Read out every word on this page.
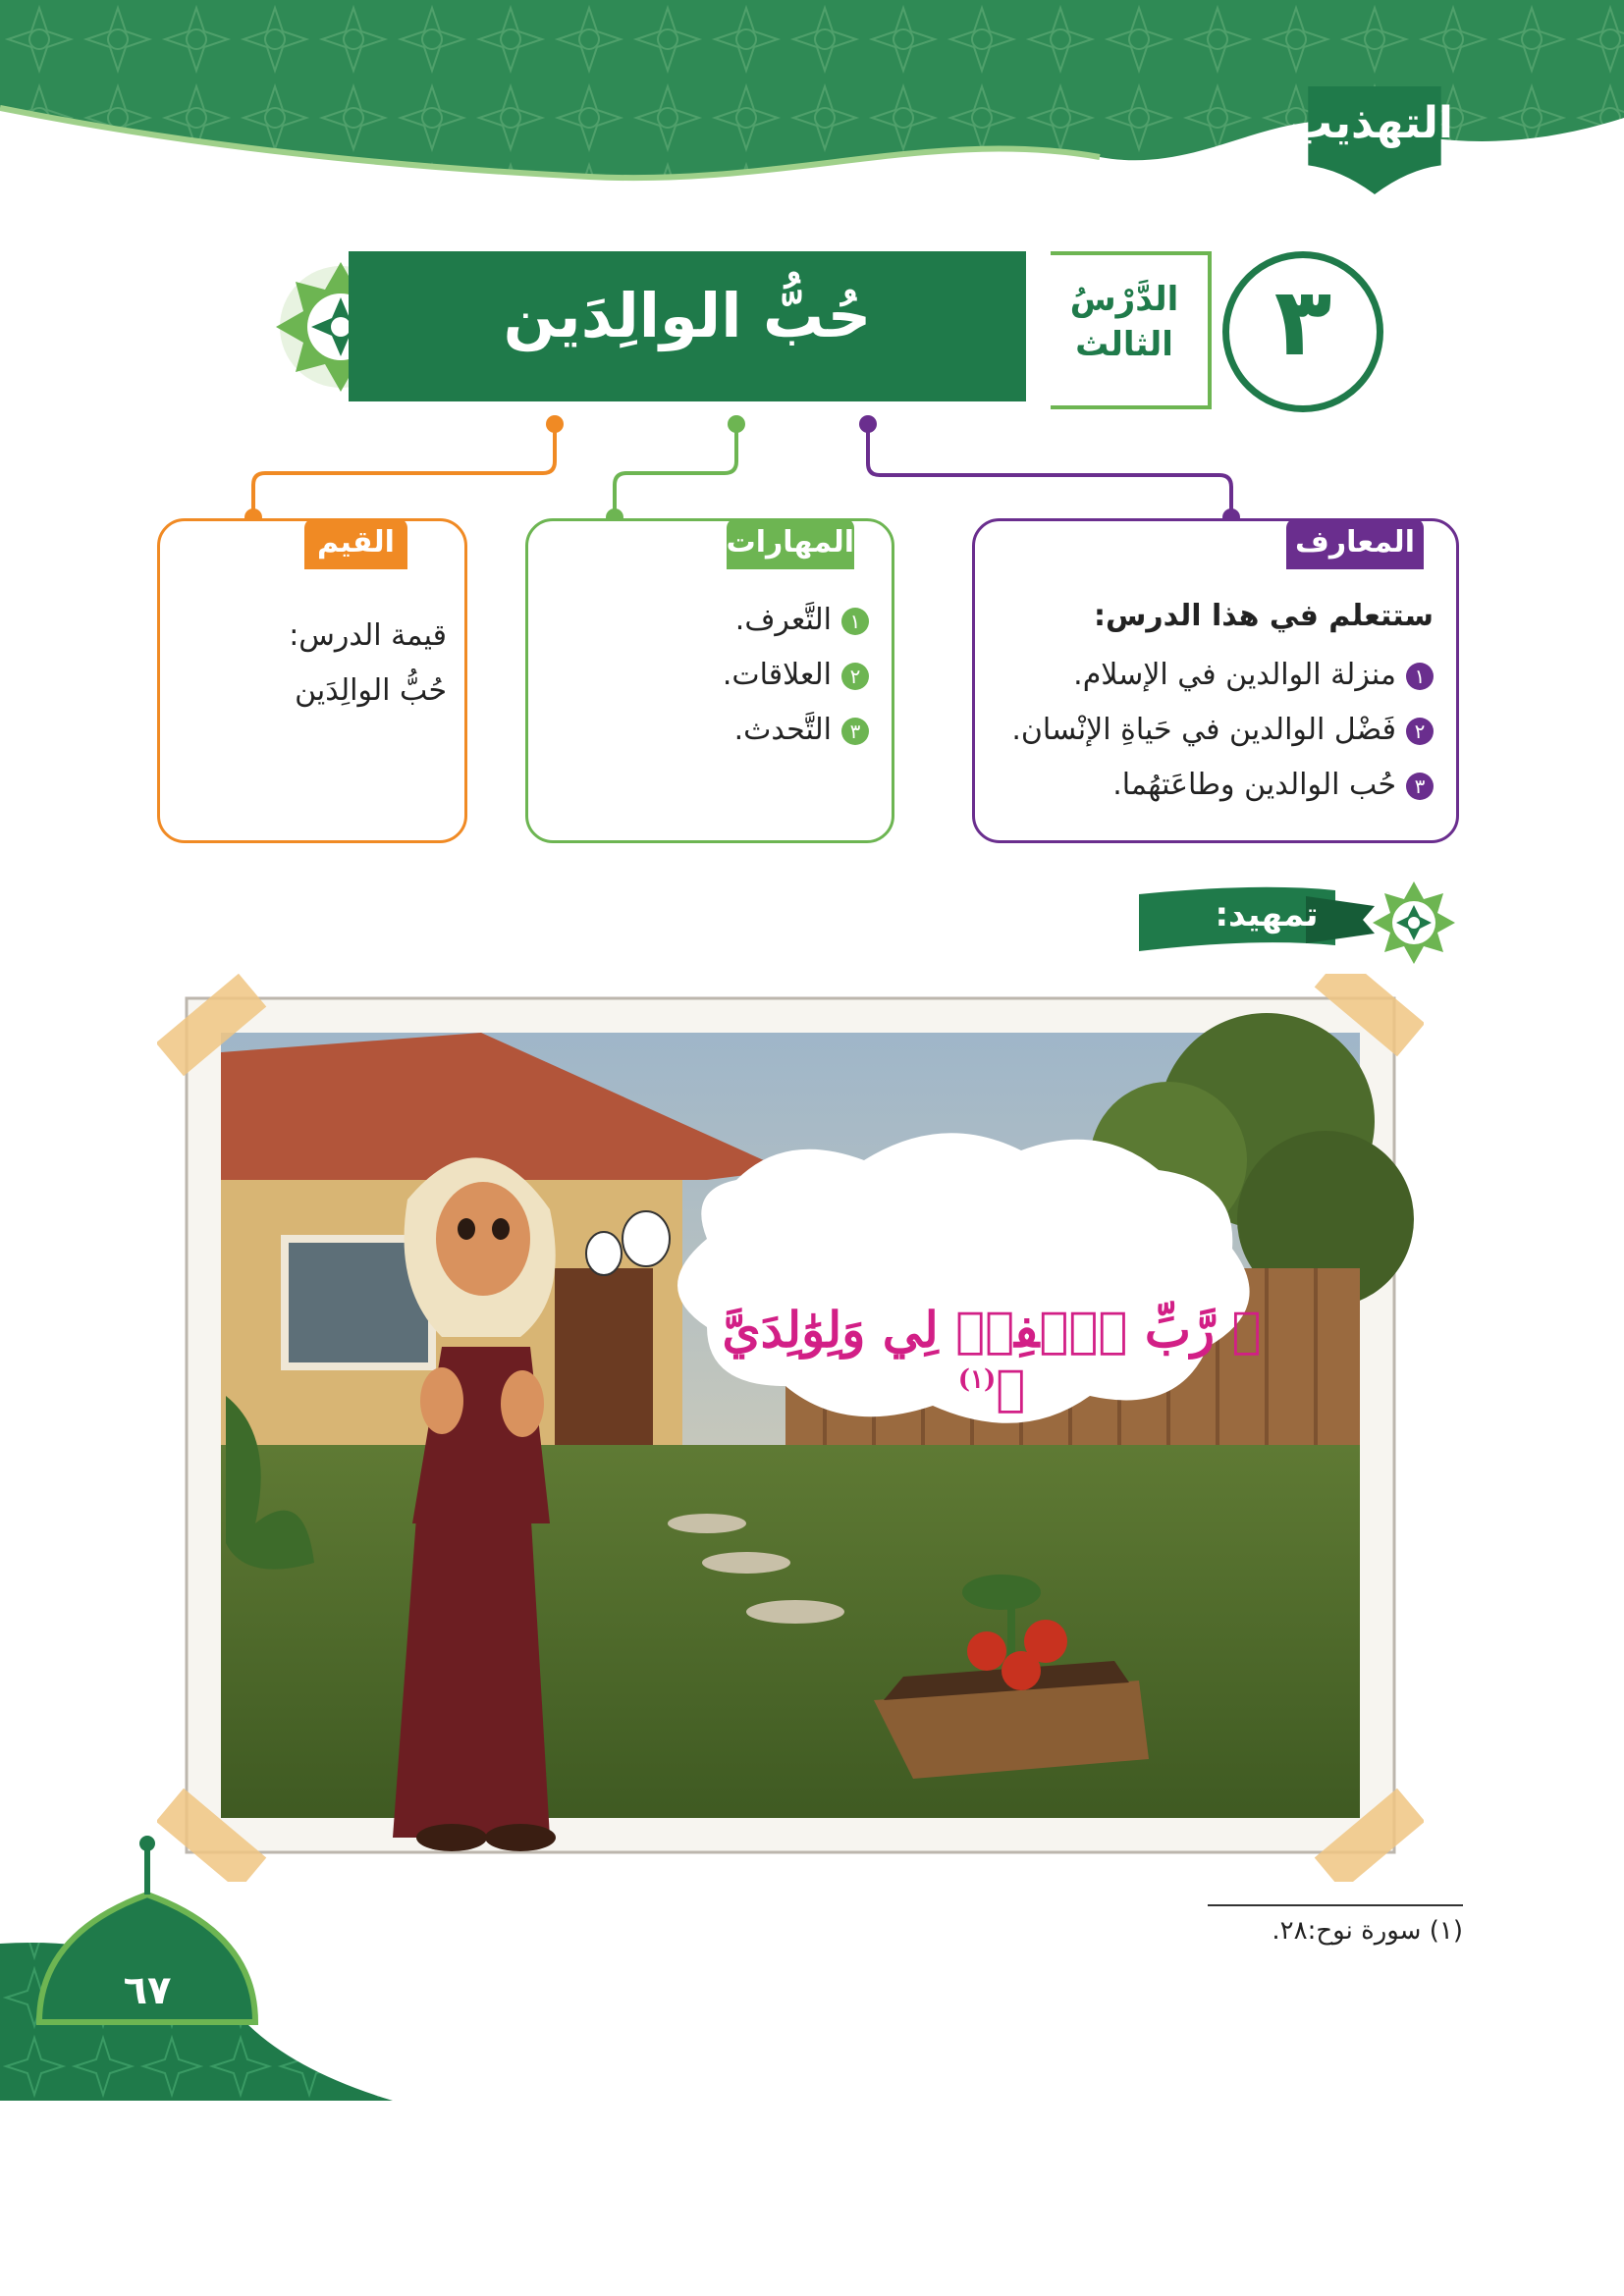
التهذيب
حُبُّ الوالِدَين	الدَّرْسُ
الثالث	٣
المعارف
ستتعلم في هذا الدرس:
١منزلة الوالدين في الإسلام.
٢فَضْل الوالدين في حَياةِ الإنْسان.
٣حُب الوالدين وطاعَتهُما.
المهارات
١التَّعرف.
٢العلاقات.
٣التَّحدث.
القيم
قيمة الدرس:
حُبُّ الوالِدَين
تمهيد:
﴿ رَّبِّ ٱغۡفِرۡ لِي وَلِوَٰلِدَيَّ ﴾$^{(١)}$
(١) سورة نوح:٢٨.
٦٧
